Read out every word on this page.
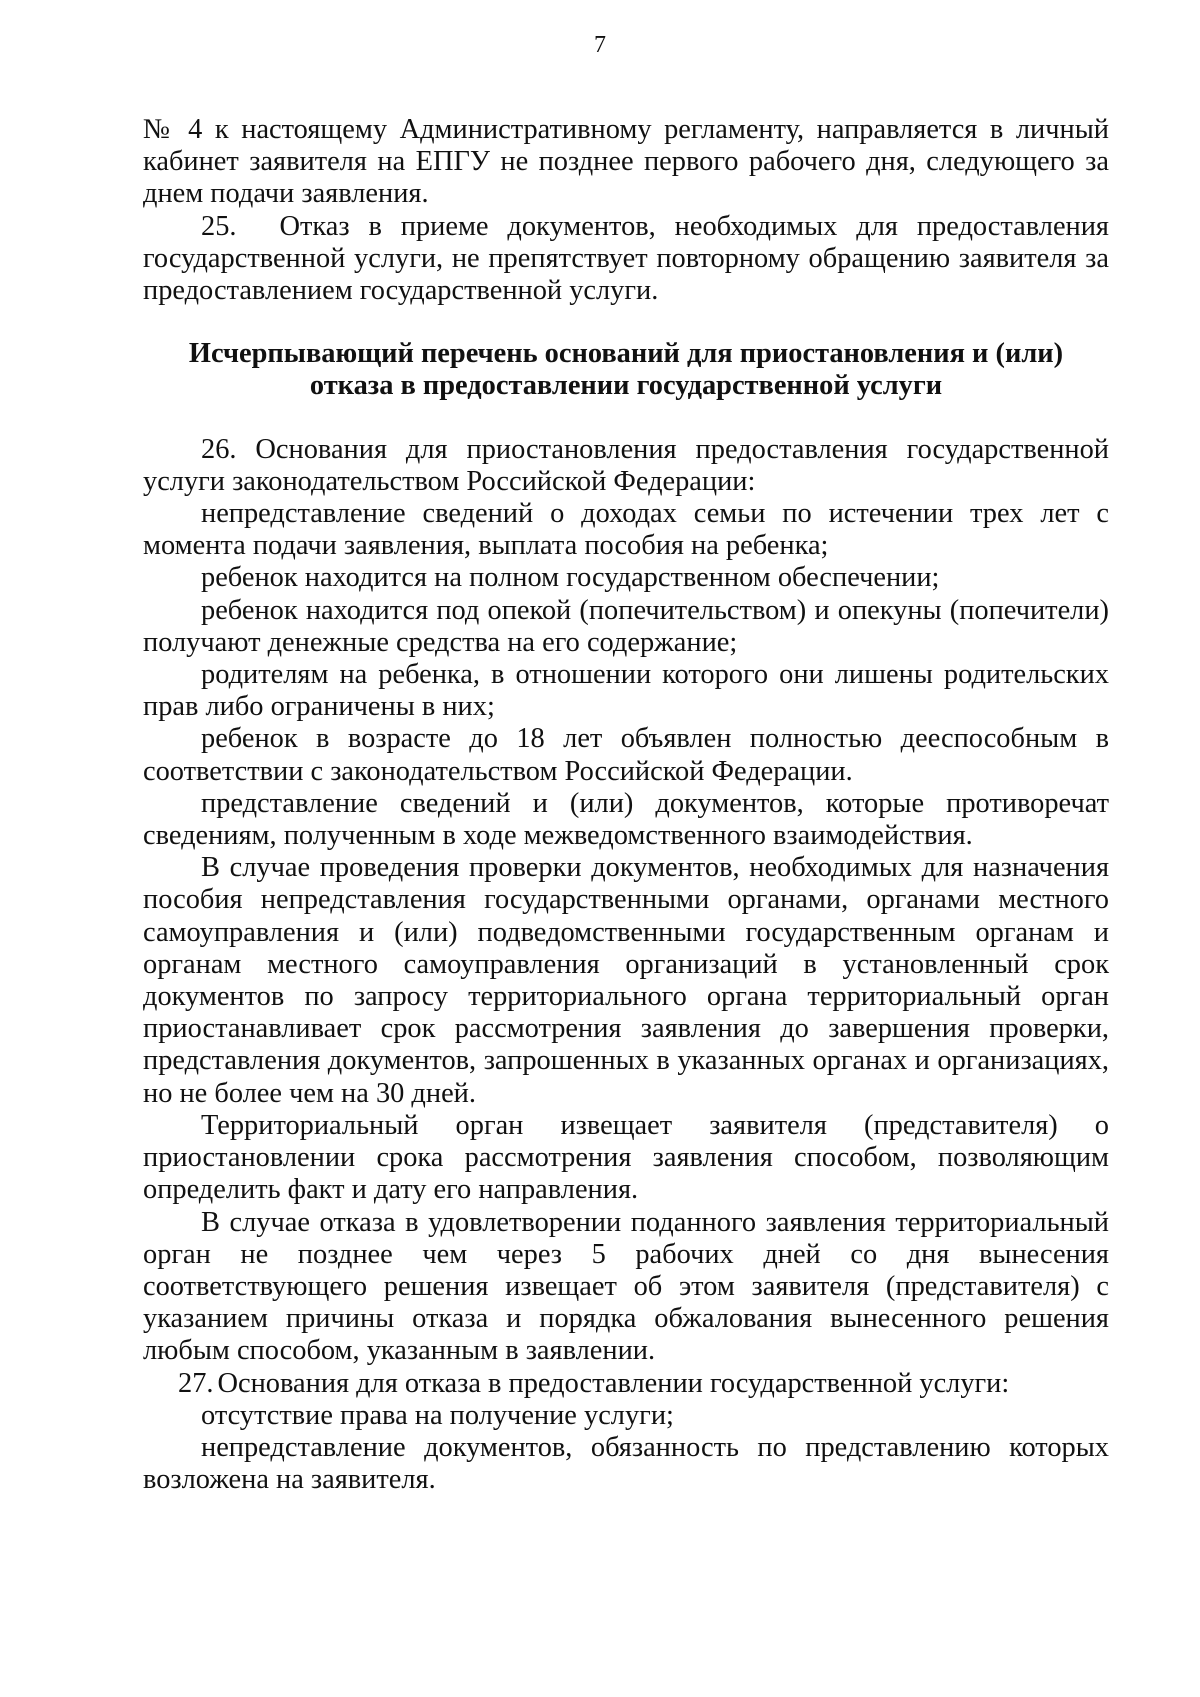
7

№ 4 к настоящему Административному регламенту, направляется в личный кабинет заявителя на ЕПГУ не позднее первого рабочего дня, следующего за днем подачи заявления.

25. Отказ в приеме документов, необходимых для предоставления государственной услуги, не препятствует повторному обращению заявителя за предоставлением государственной услуги.

Исчерпывающий перечень оснований для приостановления и (или)
отказа в предоставлении государственной услуги

26. Основания для приостановления предоставления государственной услуги законодательством Российской Федерации:

непредставление сведений о доходах семьи по истечении трех лет с момента подачи заявления, выплата пособия на ребенка;

ребенок находится на полном государственном обеспечении;

ребенок находится под опекой (попечительством) и опекуны (попечители) получают денежные средства на его содержание;

родителям на ребенка, в отношении которого они лишены родительских прав либо ограничены в них;

ребенок в возрасте до 18 лет объявлен полностью дееспособным в соответствии с законодательством Российской Федерации.

представление сведений и (или) документов, которые противоречат сведениям, полученным в ходе межведомственного взаимодействия.

В случае проведения проверки документов, необходимых для назначения пособия непредставления государственными органами, органами местного самоуправления и (или) подведомственными государственным органам и органам местного самоуправления организаций в установленный срок документов по запросу территориального органа территориальный орган приостанавливает срок рассмотрения заявления до завершения проверки, представления документов, запрошенных в указанных органах и организациях, но не более чем на 30 дней.

Территориальный орган извещает заявителя (представителя) о приостановлении срока рассмотрения заявления способом, позволяющим определить факт и дату его направления.

В случае отказа в удовлетворении поданного заявления территориальный орган не позднее чем через 5 рабочих дней со дня вынесения соответствующего решения извещает об этом заявителя (представителя) с указанием причины отказа и порядка обжалования вынесенного решения любым способом, указанным в заявлении.

27. Основания для отказа в предоставлении государственной услуги:

отсутствие права на получение услуги;

непредставление документов, обязанность по представлению которых возложена на заявителя.
